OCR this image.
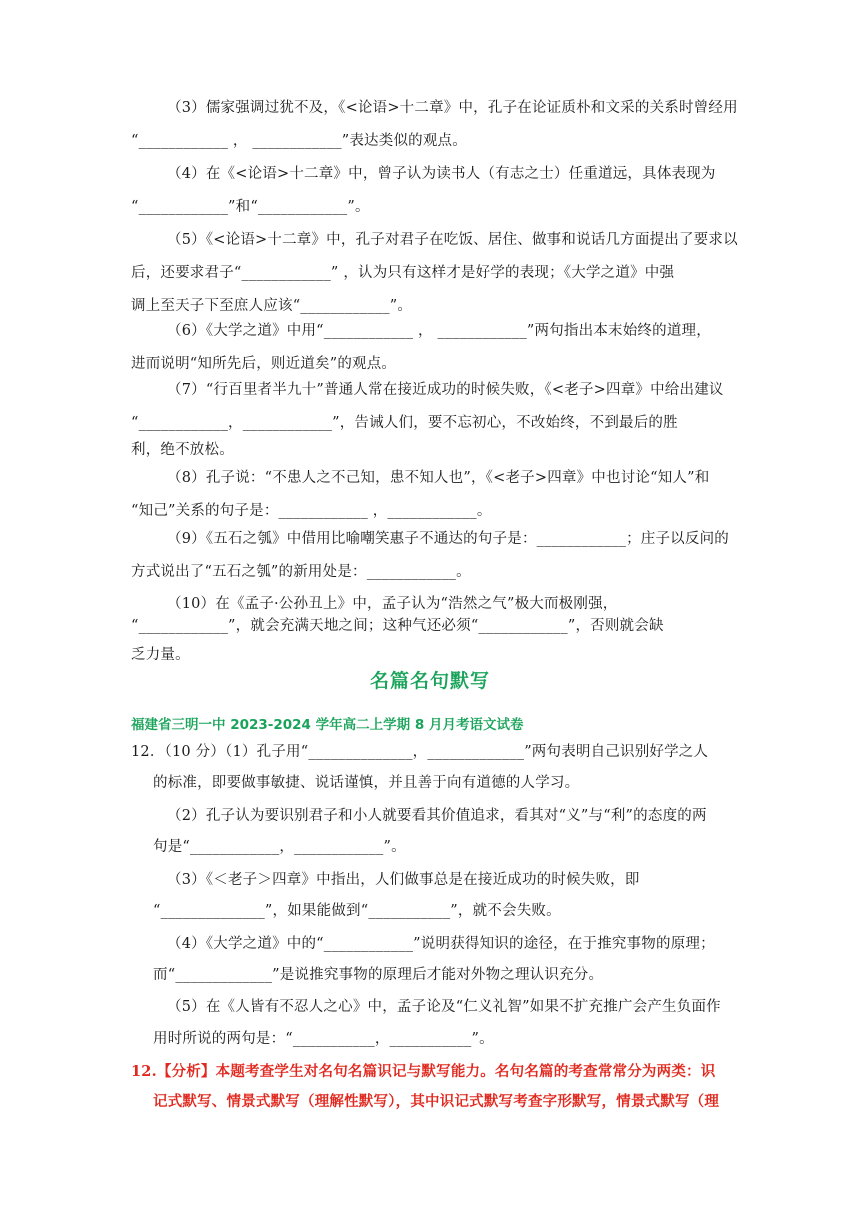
（3）儒家强调过犹不及，《<论语>十二章》中，孔子在论证质朴和文采的关系时曾经用
“____________ ， ____________”表达类似的观点。
（4）在《<论语>十二章》中，曾子认为读书人（有志之士）任重道远，具体表现为
“____________”和“____________”。
（5）《<论语>十二章》中，孔子对君子在吃饭、居住、做事和说话几方面提出了要求以
后，还要求君子“____________” ，认为只有这样才是好学的表现；《大学之道》中强
调上至天子下至庶人应该“____________”。
（6）《大学之道》中用“____________ ， ____________”两句指出本末始终的道理，
进而说明“知所先后，则近道矣”的观点。
（7）“行百里者半九十”普通人常在接近成功的时候失败，《<老子>四章》中给出建议
“____________，____________”，告诫人们，要不忘初心，不改始终，不到最后的胜
利，绝不放松。
（8）孔子说：“不患人之不己知，患不知人也”，《<老子>四章》中也讨论“知人”和
“知己”关系的句子是：____________ ，____________。
（9）《五石之瓠》中借用比喻嘲笑惠子不通达的句子是：____________；庄子以反问的
方式说出了“五石之瓠”的新用处是：____________。
（10）在《孟子·公孙丑上》中，孟子认为“浩然之气”极大而极刚强，
“____________”，就会充满天地之间；这种气还必须“____________”，否则就会缺
乏力量。
名篇名句默写
福建省三明一中 2023-2024 学年高二上学期 8 月月考语文试卷
12．（10 分）（1）孔子用“______________，_____________”两句表明自己识别好学之人
的标准，即要做事敏捷、说话谨慎，并且善于向有道德的人学习。
（2）孔子认为要识别君子和小人就要看其价值追求，看其对“义”与“利”的态度的两
句是“____________，____________”。
（3）《＜老子＞四章》中指出，人们做事总是在接近成功的时候失败，即
“______________”，如果能做到“___________”，就不会失败。
（4）《大学之道》中的“____________”说明获得知识的途径，在于推究事物的原理；
而“_____________”是说推究事物的原理后才能对外物之理认识充分。
（5）在《人皆有不忍人之心》中，孟子论及“仁义礼智”如果不扩充推广会产生负面作
用时所说的两句是：“___________，___________”。
12.【分析】本题考查学生对名句名篇识记与默写能力。名句名篇的考查常常分为两类：识
记式默写、情景式默写（理解性默写），其中识记式默写考查字形默写，情景式默写（理
